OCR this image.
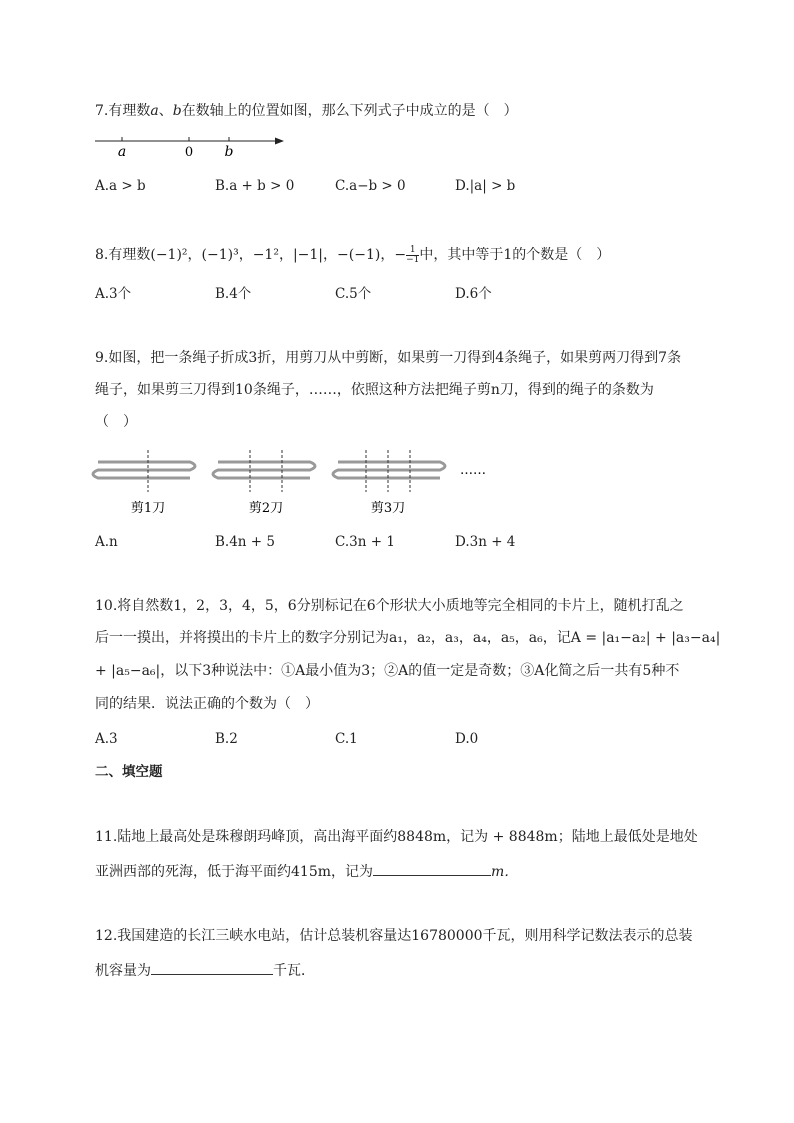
7.有理数a、b在数轴上的位置如图，那么下列式子中成立的是（　）
a	0 b
A.a > b	B.a + b > 0	C.a−b > 0	D.|a| > b
8.有理数(−1)²，(−1)³，−1²，|−1|，−(−1)，− $\frac{1}{-1}$ 中，其中等于1的个数是（　）
A.3个	B.4个	C.5个	D.6个
9.如图，把一条绳子折成3折，用剪刀从中剪断，如果剪一刀得到4条绳子，如果剪两刀得到7条
绳子，如果剪三刀得到10条绳子，……，依照这种方法把绳子剪n刀，得到的绳子的条数为
（　）
剪1刀	剪2刀	剪3刀
……
A.n	B.4n + 5	C.3n + 1	D.3n + 4
10.将自然数1，2，3，4，5，6分别标记在6个形状大小质地等完全相同的卡片上，随机打乱之
后一一摸出，并将摸出的卡片上的数字分别记为a₁，a₂，a₃，a₄，a₅，a₆，记A = |a₁−a₂| + |a₃−a₄|
+ |a₅−a₆|，以下3种说法中：①A最小值为3；②A的值一定是奇数；③A化简之后一共有5种不
同的结果．说法正确的个数为（　）
A.3	B.2	C.1	D.0
二、填空题
11.陆地上最高处是珠穆朗玛峰顶，高出海平面约8848m，记为 + 8848m；陆地上最低处是地处
亚洲西部的死海，低于海平面约415m，记为	m．
12.我国建造的长江三峡水电站，估计总装机容量达16780000千瓦，则用科学记数法表示的总装
机容量为	千瓦．
